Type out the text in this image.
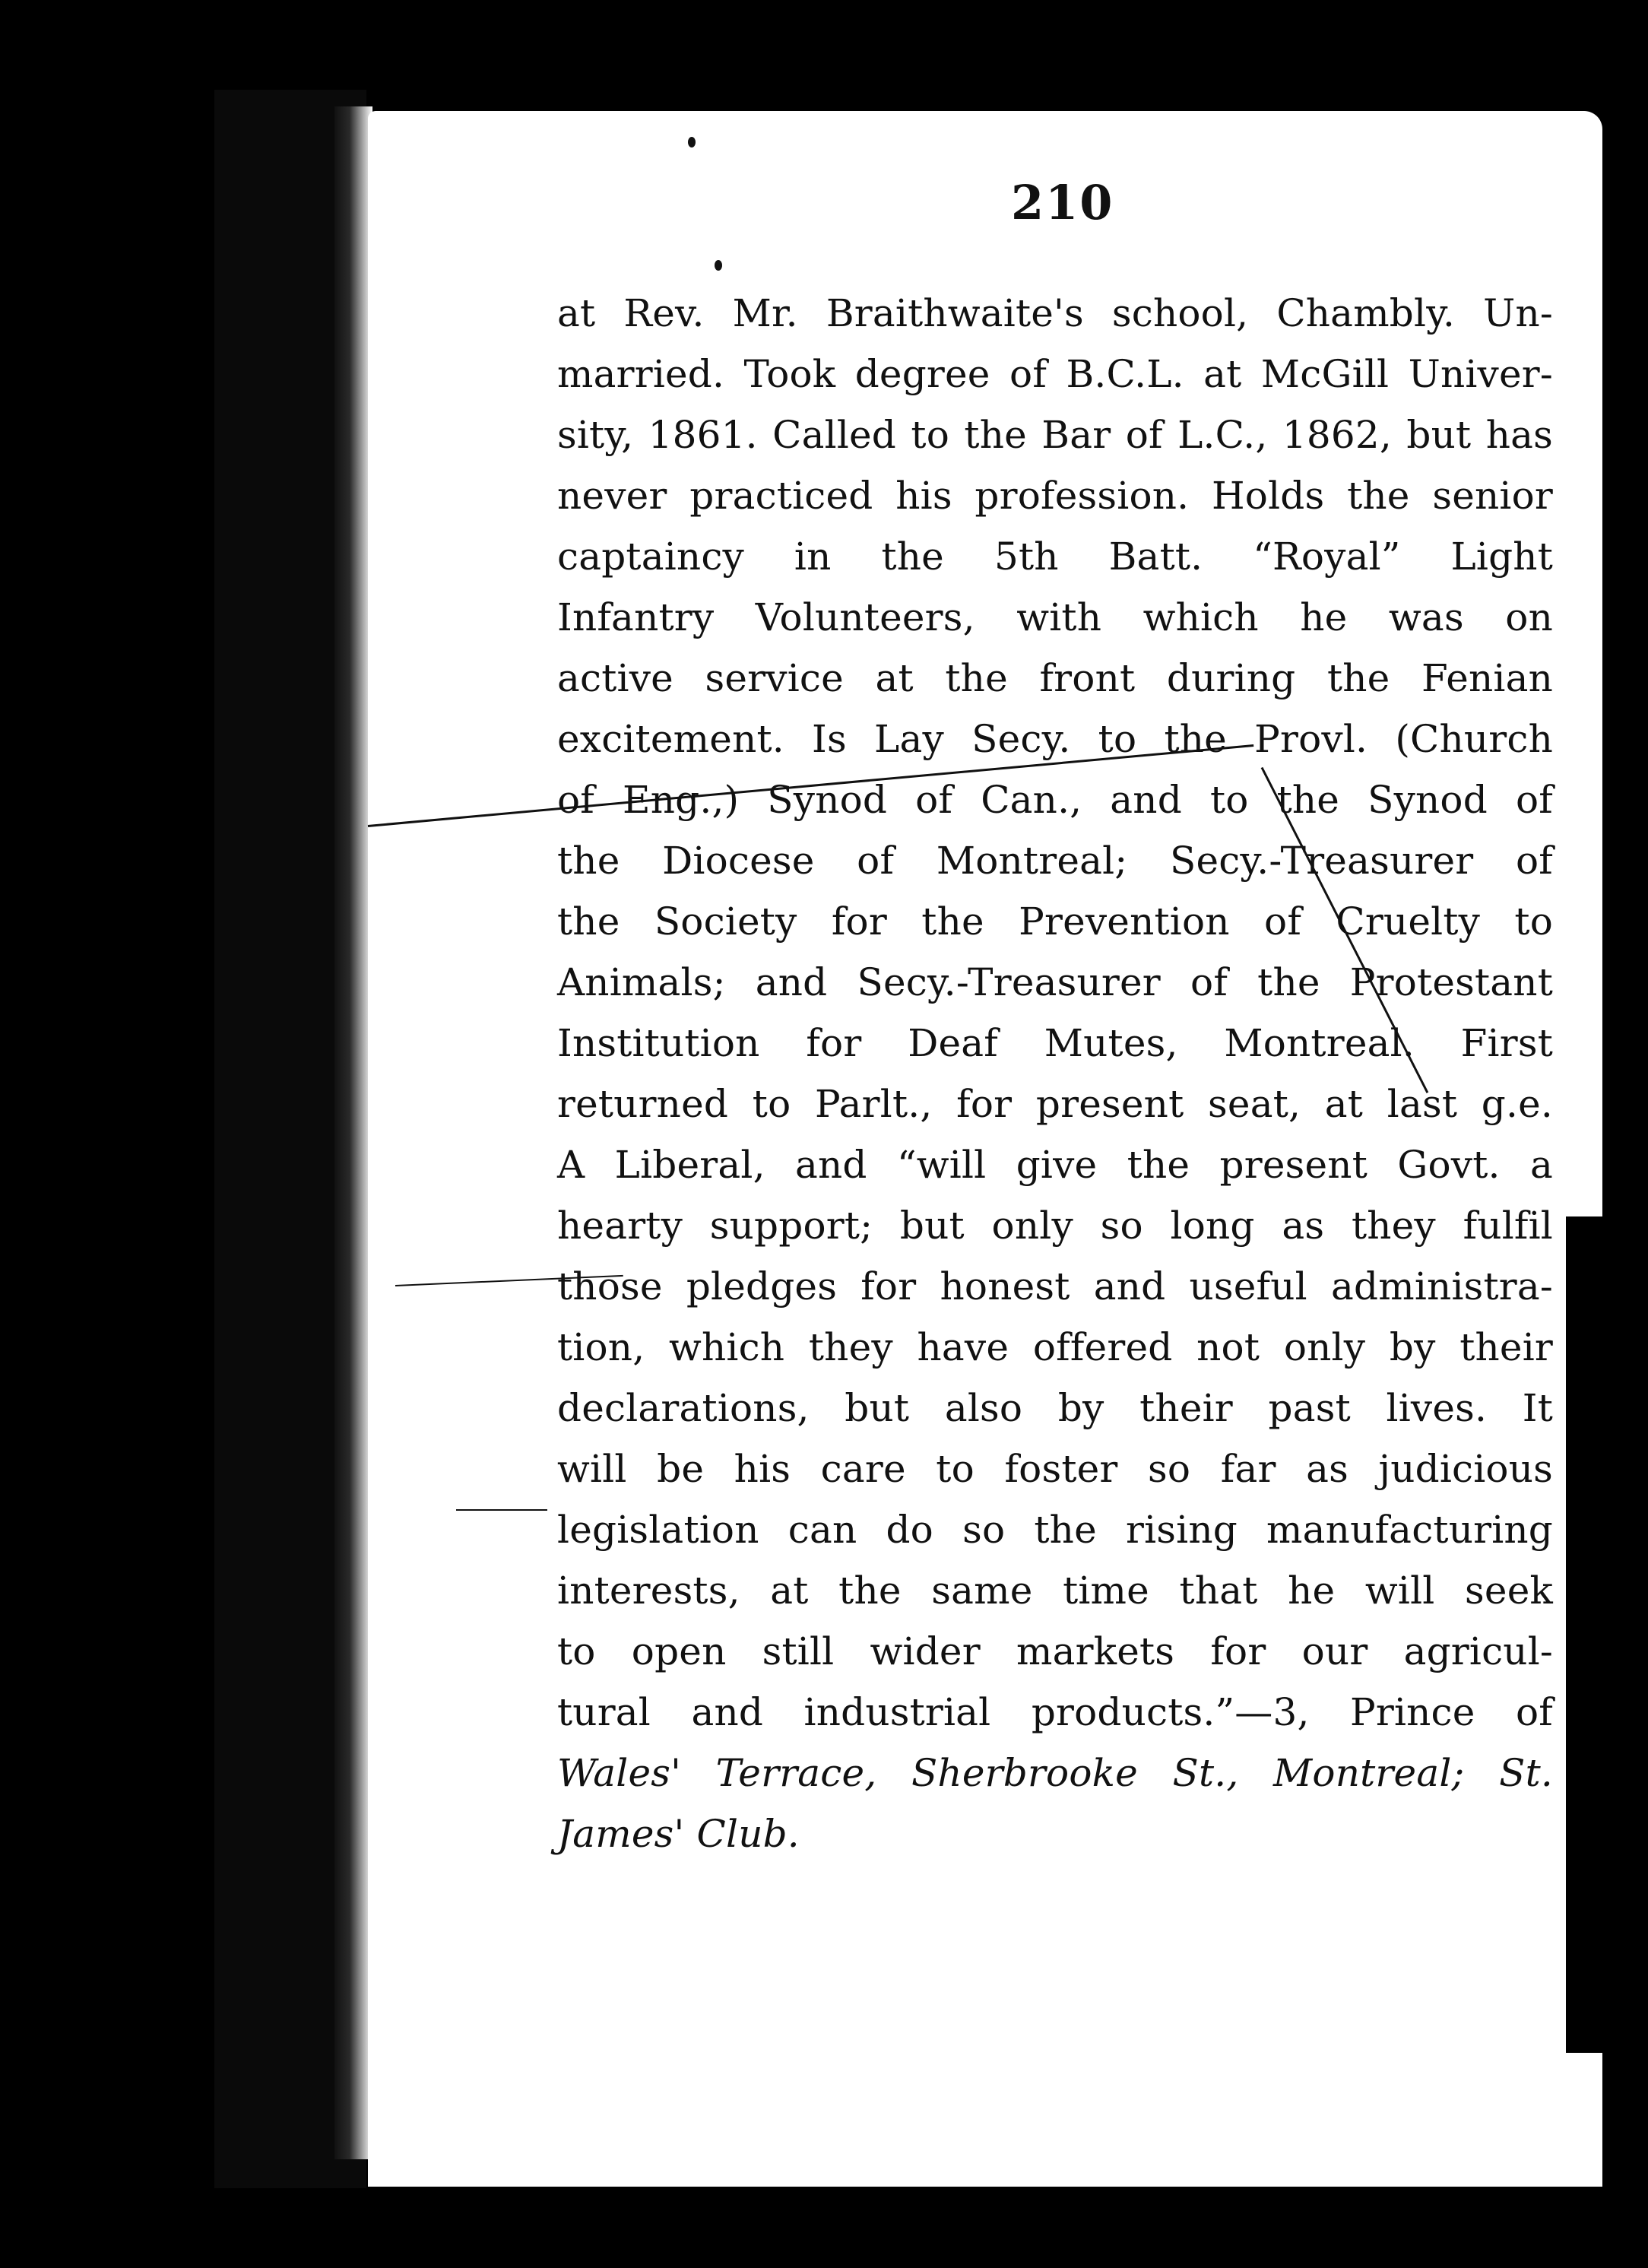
210
at Rev. Mr. Braithwaite's school, Chambly. Un-
married. Took degree of B.C.L. at McGill Univer-
sity, 1861. Called to the Bar of L.C., 1862, but has
never practiced his profession. Holds the senior
captaincy in the 5th Batt. “Royal” Light
Infantry Volunteers, with which he was on
active service at the front during the Fenian
excitement. Is Lay Secy. to the Provl. (Church
of Eng.,) Synod of Can., and to the Synod of
the Diocese of Montreal; Secy.-Treasurer of
the Society for the Prevention of Cruelty to
Animals; and Secy.-Treasurer of the Protestant
Institution for Deaf Mutes, Montreal. First
returned to Parlt., for present seat, at last g.e.
A Liberal, and “will give the present Govt. a
hearty support; but only so long as they fulfil
those pledges for honest and useful administra-
tion, which they have offered not only by their
declarations, but also by their past lives. It
will be his care to foster so far as judicious
legislation can do so the rising manufacturing
interests, at the same time that he will seek
to open still wider markets for our agricul-
tural and industrial products.”—3, Prince of
Wales' Terrace, Sherbrooke St., Montreal; St.
James' Club.
